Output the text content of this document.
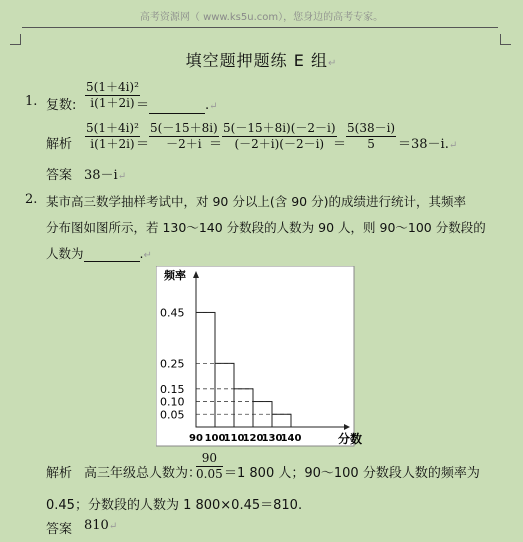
高考资源网（ www.ks5u.com），您身边的高考专家。
填空题押题练 E 组↵
1. 复数: $\frac{\text{5(1＋4i)²}}{i(1+2i)}$
＝	.↵
解析 $\frac{\text{5(1＋4i)²}}{i(1+2i)}$
＝ $\frac{5(-15+8i)}{-2+i}$
＝ $\frac{5(-15+8i)(-2-i)}{(-2+i)(-2-i)}$
＝ $\frac{5(38-i)}{5}$ ＝38－i.↵
答案 38－i↵
2. 某市高三数学抽样考试中，对 90 分以上(含 90 分)的成绩进行统计，其频率
分布图如图所示，若 130～140 分数段的人数为 90 人，则 90～100 分数段的
人数为	.↵
0.45
0.25
0.15
0.10
0.05
90 100
110
120
130
140
频率
分数
解析 高三年级总人数为：
$\frac{90}{0.05} =1$ 800 人；90～100 分数段人数的频率为
0.45；分数段的人数为 1 800×0.45＝810.
答案 810↵
